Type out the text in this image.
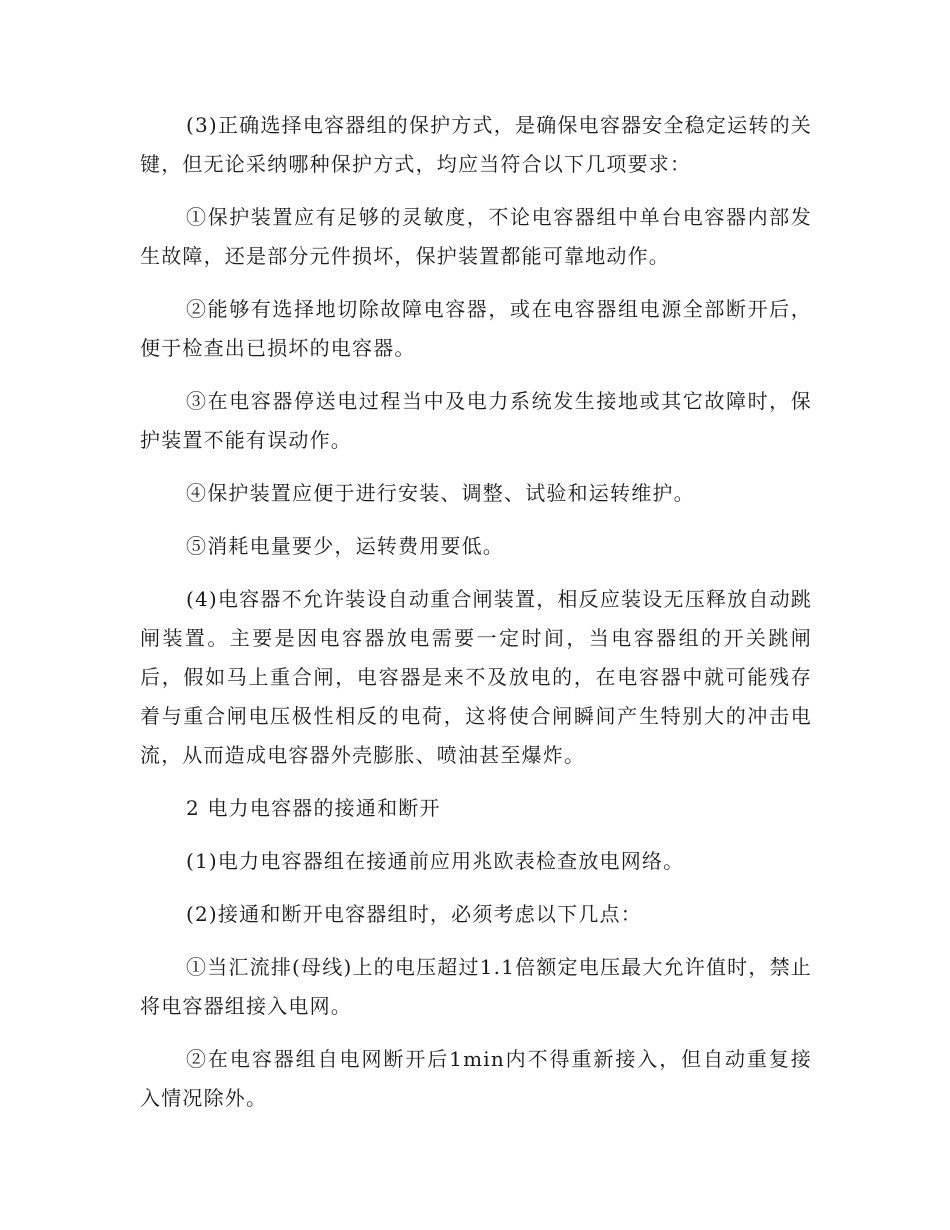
(3)正确选择电容器组的保护方式，是确保电容器安全稳定运转的关键，但无论采纳哪种保护方式，均应当符合以下几项要求：

①保护装置应有足够的灵敏度，不论电容器组中单台电容器内部发生故障，还是部分元件损坏，保护装置都能可靠地动作。

②能够有选择地切除故障电容器，或在电容器组电源全部断开后，便于检查出已损坏的电容器。

③在电容器停送电过程当中及电力系统发生接地或其它故障时，保护装置不能有误动作。

④保护装置应便于进行安装、调整、试验和运转维护。

⑤消耗电量要少，运转费用要低。

(4)电容器不允许装设自动重合闸装置，相反应装设无压释放自动跳闸装置。主要是因电容器放电需要一定时间，当电容器组的开关跳闸后，假如马上重合闸，电容器是来不及放电的，在电容器中就可能残存着与重合闸电压极性相反的电荷，这将使合闸瞬间产生特别大的冲击电流，从而造成电容器外壳膨胀、喷油甚至爆炸。

2 电力电容器的接通和断开

(1)电力电容器组在接通前应用兆欧表检查放电网络。

(2)接通和断开电容器组时，必须考虑以下几点：

①当汇流排(母线)上的电压超过1.1倍额定电压最大允许值时，禁止将电容器组接入电网。

②在电容器组自电网断开后1min内不得重新接入，但自动重复接入情况除外。
